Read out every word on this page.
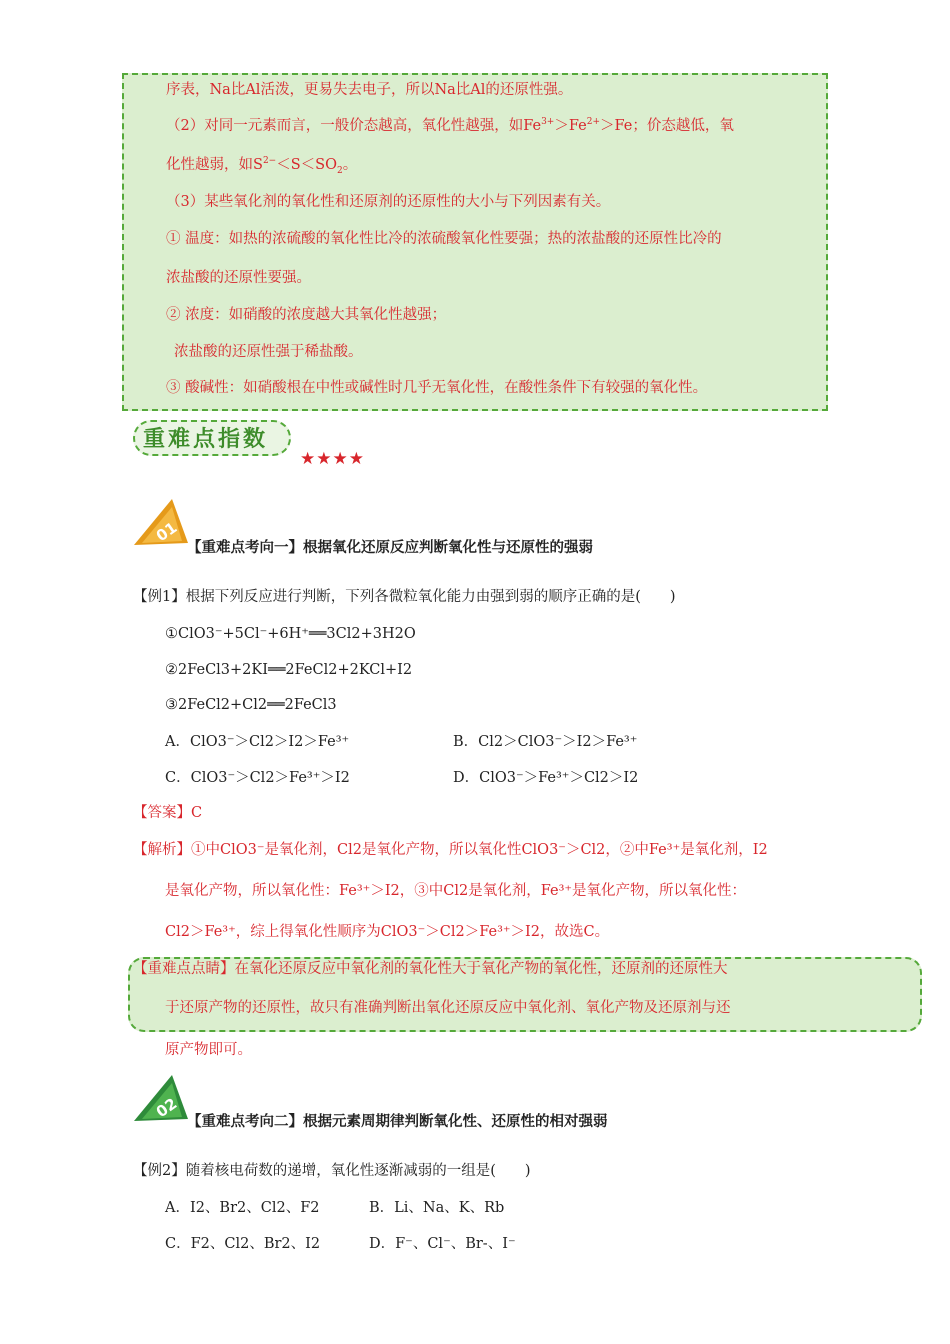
序表，Na比Al活泼，更易失去电子，所以Na比Al的还原性强。
（2）对同一元素而言，一般价态越高，氧化性越强，如$Fe^{3+}>Fe^{2+}>Fe$；价态越低，氧
化性越弱，如$S^{2-}<S<SO_2$。
（3）某些氧化剂的氧化性和还原剂的还原性的大小与下列因素有关。
① 温度：如热的浓硫酸的氧化性比冷的浓硫酸氧化性要强；热的浓盐酸的还原性比冷的
浓盐酸的还原性要强。
② 浓度：如硝酸的浓度越大其氧化性越强；
浓盐酸的还原性强于稀盐酸。
③ 酸碱性：如硝酸根在中性或碱性时几乎无氧化性，在酸性条件下有较强的氧化性。
重难点指数
★★★★
01
【重难点考向一】根据氧化还原反应判断氧化性与还原性的强弱
【例1】根据下列反应进行判断，下列各微粒氧化能力由强到弱的顺序正确的是(　　)
①ClO3⁻+5Cl⁻+6H⁺══3Cl2+3H2O
②2FeCl3+2KI══2FeCl2+2KCl+I2
③2FeCl2+Cl2══2FeCl3
A．ClO3⁻＞Cl2＞I2＞Fe³⁺	B．Cl2＞ClO3⁻＞I2＞Fe³⁺
C．ClO3⁻＞Cl2＞Fe³⁺＞I2	D．ClO3⁻＞Fe³⁺＞Cl2＞I2
【答案】C
【解析】①中ClO3⁻是氧化剂，Cl2是氧化产物，所以氧化性ClO3⁻＞Cl2，②中Fe³⁺是氧化剂，I2
是氧化产物，所以氧化性：Fe³⁺＞I2，③中Cl2是氧化剂，Fe³⁺是氧化产物，所以氧化性：
Cl2＞Fe³⁺，综上得氧化性顺序为ClO3⁻＞Cl2＞Fe³⁺＞I2，故选C。
【重难点点睛】在氧化还原反应中氧化剂的氧化性大于氧化产物的氧化性，还原剂的还原性大
于还原产物的还原性，故只有准确判断出氧化还原反应中氧化剂、氧化产物及还原剂与还
原产物即可。
02
【重难点考向二】根据元素周期律判断氧化性、还原性的相对强弱
【例2】随着核电荷数的递增，氧化性逐渐减弱的一组是(　　)
A．I2、Br2、Cl2、F2	B．Li、Na、K、Rb
C．F2、Cl2、Br2、I2	D．F⁻、Cl⁻、Br-、I⁻
